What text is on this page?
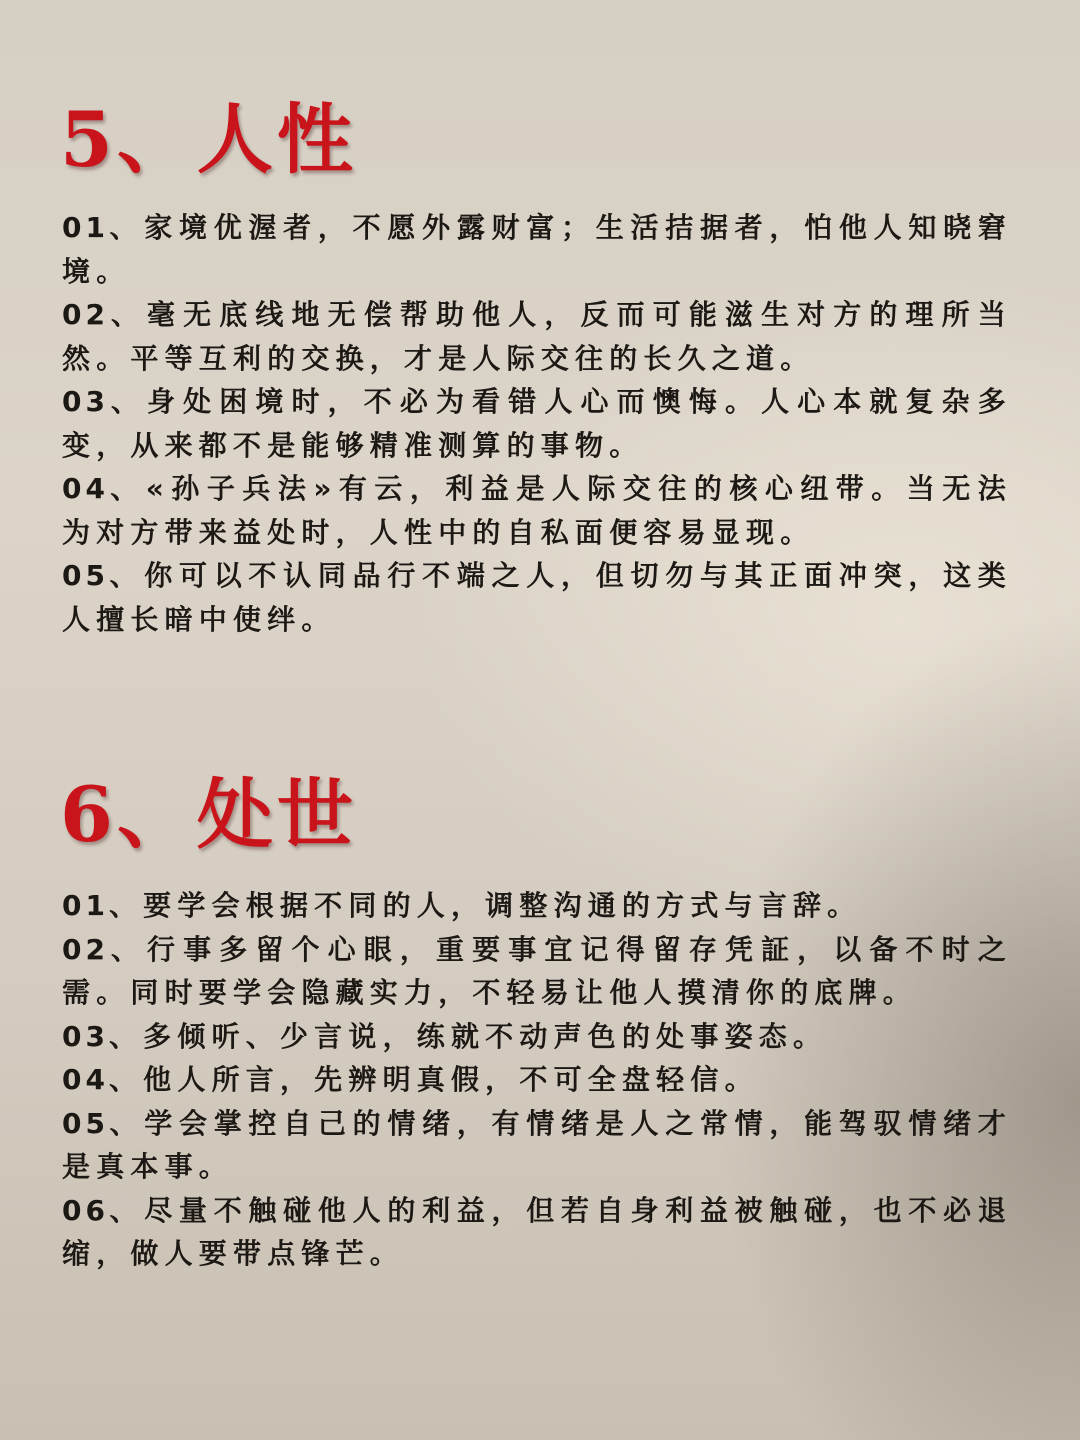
5、人性
01、家境优渥者，不愿外露财富；生活拮据者，怕他人知晓窘境。
02、毫无底线地无偿帮助他人，反而可能滋生对方的理所当然。平等互利的交换，才是人际交往的长久之道。
03、身处困境时，不必为看错人心而懊悔。人心本就复杂多变，从来都不是能够精准测算的事物。
04、«孙子兵法»有云，利益是人际交往的核心纽带。当无法为对方带来益处时，人性中的自私面便容易显现。
05、你可以不认同品行不端之人，但切勿与其正面冲突，这类人擅长暗中使绊。
6、处世
01、要学会根据不同的人，调整沟通的方式与言辞。
02、行事多留个心眼，重要事宜记得留存凭証，以备不时之需。同时要学会隐藏实力，不轻易让他人摸清你的底牌。
03、多倾听、少言说，练就不动声色的处事姿态。
04、他人所言，先辨明真假，不可全盘轻信。
05、学会掌控自己的情绪，有情绪是人之常情，能驾驭情绪才是真本事。
06、尽量不触碰他人的利益，但若自身利益被触碰，也不必退缩，做人要带点锋芒。
